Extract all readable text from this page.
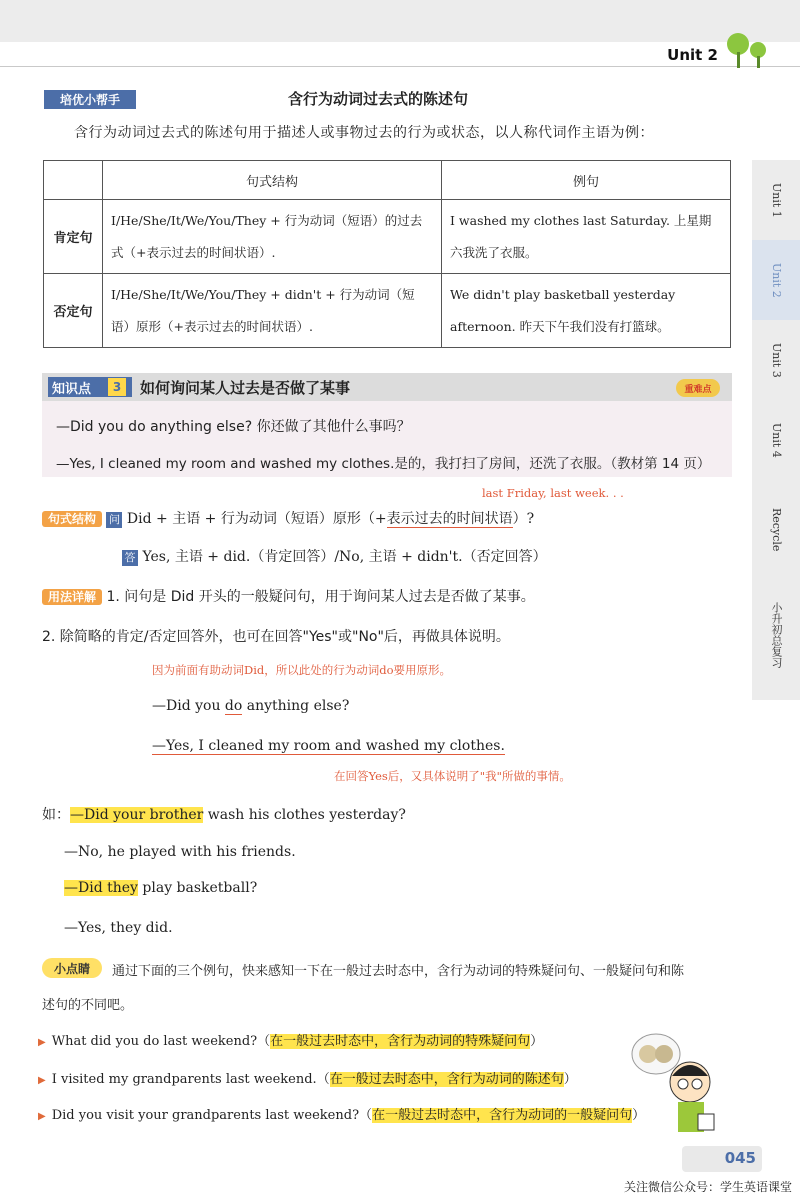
Unit 2
Unit 1
Unit 2
Unit 3
Unit 4
Recycle
小升初总复习
培优小帮手	含行为动词过去式的陈述句
含行为动词过去式的陈述句用于描述人或事物过去的行为或状态，以人称代词作主语为例：
	句式结构	例句
肯定句	I/He/She/It/We/You/They + 行为动词（短语）的过去式（+表示过去的时间状语）.	I washed my clothes last Saturday. 上星期六我洗了衣服。
否定句	I/He/She/It/We/You/They + didn't + 行为动词（短语）原形（+表示过去的时间状语）.	We didn't play basketball yesterday afternoon. 昨天下午我们没有打篮球。
知识点	3	如何询问某人过去是否做了某事	重难点
—Did you do anything else? 你还做了其他什么事吗？
—Yes, I cleaned my room and washed my clothes.是的，我打扫了房间，还洗了衣服。（教材第 14 页）
last Friday, last week. . .
句式结构 问 Did + 主语 + 行为动词（短语）原形（+表示过去的时间状语）?
答 Yes, 主语 + did.（肯定回答）/No, 主语 + didn't.（否定回答）
用法详解 1. 问句是 Did 开头的一般疑问句，用于询问某人过去是否做了某事。
2. 除简略的肯定/否定回答外，也可在回答"Yes"或"No"后，再做具体说明。
因为前面有助动词Did，所以此处的行为动词do要用原形。
—Did you do anything else?
—Yes, I cleaned my room and washed my clothes.
在回答Yes后，又具体说明了"我"所做的事情。
如：—Did your brother wash his clothes yesterday?
—No, he played with his friends.
—Did they play basketball?
—Yes, they did.
小点睛	通过下面的三个例句，快来感知一下在一般过去时态中，含行为动词的特殊疑问句、一般疑问句和陈
述句的不同吧。
▶ What did you do last weekend?（在一般过去时态中，含行为动词的特殊疑问句）
▶ I visited my grandparents last weekend.（在一般过去时态中，含行为动词的陈述句）
▶ Did you visit your grandparents last weekend?（在一般过去时态中，含行为动词的一般疑问句）
045
关注微信公众号：学生英语课堂
